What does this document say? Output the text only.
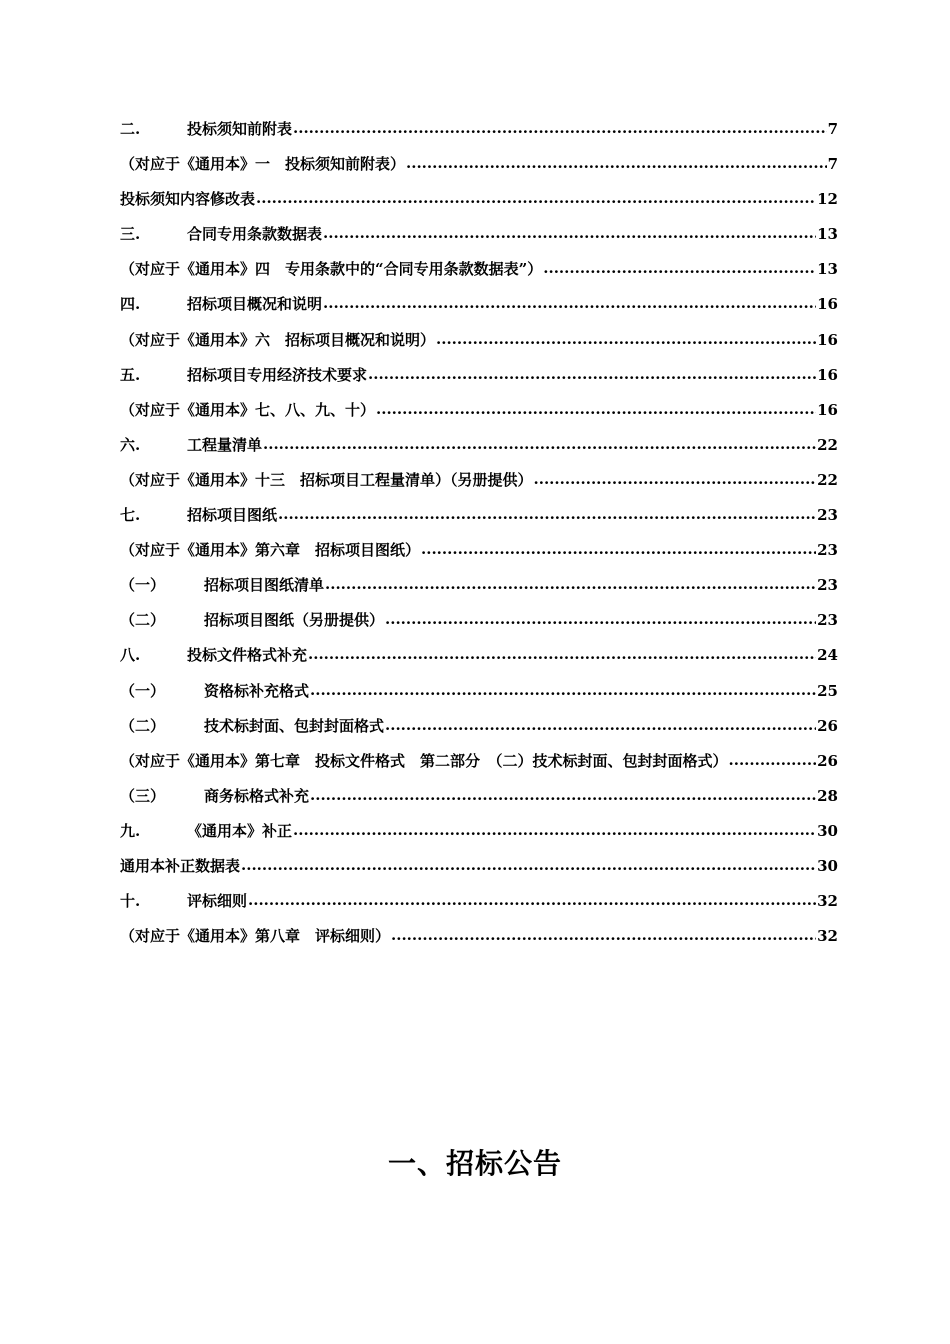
二.	投标须知前附表 .....	7
（对应于《通用本》一　投标须知前附表） .....	7
投标须知内容修改表 .....	12
三.	合同专用条款数据表 .....	13
（对应于《通用本》四　专用条款中的“合同专用条款数据表”） .....	13
四.	招标项目概况和说明 .....	16
（对应于《通用本》六　招标项目概况和说明） .....	16
五.	招标项目专用经济技术要求 .....	16
（对应于《通用本》七、八、九、十） .....	16
六.	工程量清单 .....	22
（对应于《通用本》十三　招标项目工程量清单）（另册提供） .....	22
七.	招标项目图纸 .....	23
（对应于《通用本》第六章　招标项目图纸） .....	23
（一）	招标项目图纸清单 .....	23
（二）	招标项目图纸（另册提供） .....	23
八.	投标文件格式补充 .....	24
（一）	资格标补充格式 .....	25
（二）	技术标封面、包封封面格式 .....	26
（对应于《通用本》第七章　投标文件格式　第二部分　（二）技术标封面、包封封面格式） .....	26
（三）	商务标格式补充 .....	28
九.	《通用本》补正 .....	30
通用本补正数据表 .....	30
十.	评标细则 .....	32
（对应于《通用本》第八章　评标细则） .....	32
一、招标公告
